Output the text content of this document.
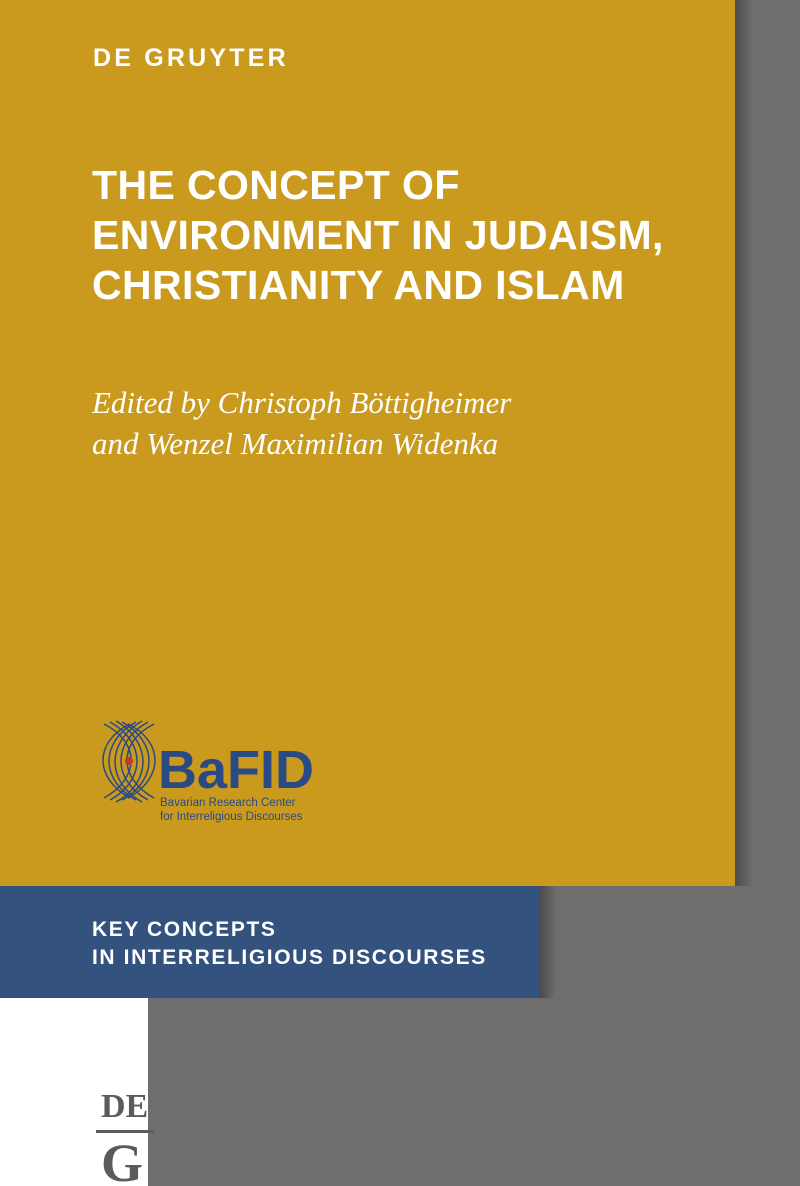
DE GRUYTER
THE CONCEPT OF ENVIRONMENT IN JUDAISM, CHRISTIANITY AND ISLAM
Edited by Christoph Böttigheimer
and Wenzel Maximilian Widenka
BaFID
Bavarian Research Center
for Interreligious Discourses
KEY CONCEPTS
IN INTERRELIGIOUS DISCOURSES
DE
G
